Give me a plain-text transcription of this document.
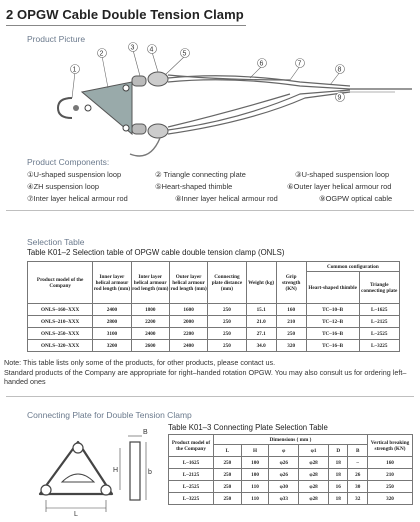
2 OPGW Cable Double Tension Clamp
Product Picture
1
2
3 4
5
6	7
8
9
Product Components:
①U-shaped suspension loop	② Triangle connecting plate	③U-shaped suspension loop
④ZH suspension loop	⑤Heart-shaped thimble	⑥Outer layer helical armour rod
⑦Inter layer helical armour rod	⑧Inner layer helical armour rod	⑨OGPW optical cable
Selection Table
Table K01–2 Selection table of OPGW cable double tension clamp (ONLS)
Product model of the Company	Inner layer helical armour rod length (mm)	Inter layer helical armour rod length (mm)	Outer layer helical armour rod length (mm)	Connecting plate distance (mm)	Weight (kg)	Grip strength (KN)	Common configuration	
							Heart-shaped thimble	Triangle connecting plate
ONLS–160–XXX	2400	1800	1600	250	15.1	160	TC–10–B	L–1625
ONLS–210–XXX	2800	2200	2000	250	21.0	210	TC–12–B	L–2125
ONLS–250–XXX	3100	2400	2200	250	27.1	250	TC–16–B	L–2525
ONLS–320–XXX	3200	2600	2400	250	34.0	320	TC–16–B	L–3225
Note: This table lists only some of the products, for other products, please contact us.
Standard products of the Company are appropriate for right–handed rotation OPGW. You may also consult us for ordering left–handed ones
Connecting Plate for Double Tension Clamp
Table K01–3 Connecting Plate Selection Table
L
H
B
b
Product model of the Company	Dimensions ( mm )						Vertical breaking strength (KN)
	L	H	φ	φ1	D	B	
L–1625	250	100	φ26	φ28	18	–	160
L–2125	250	100	φ26	φ28	18	26	210
L–2525	250	110	φ30	φ28	16	30	250
L–3225	250	110	φ33	φ28	18	32	320
